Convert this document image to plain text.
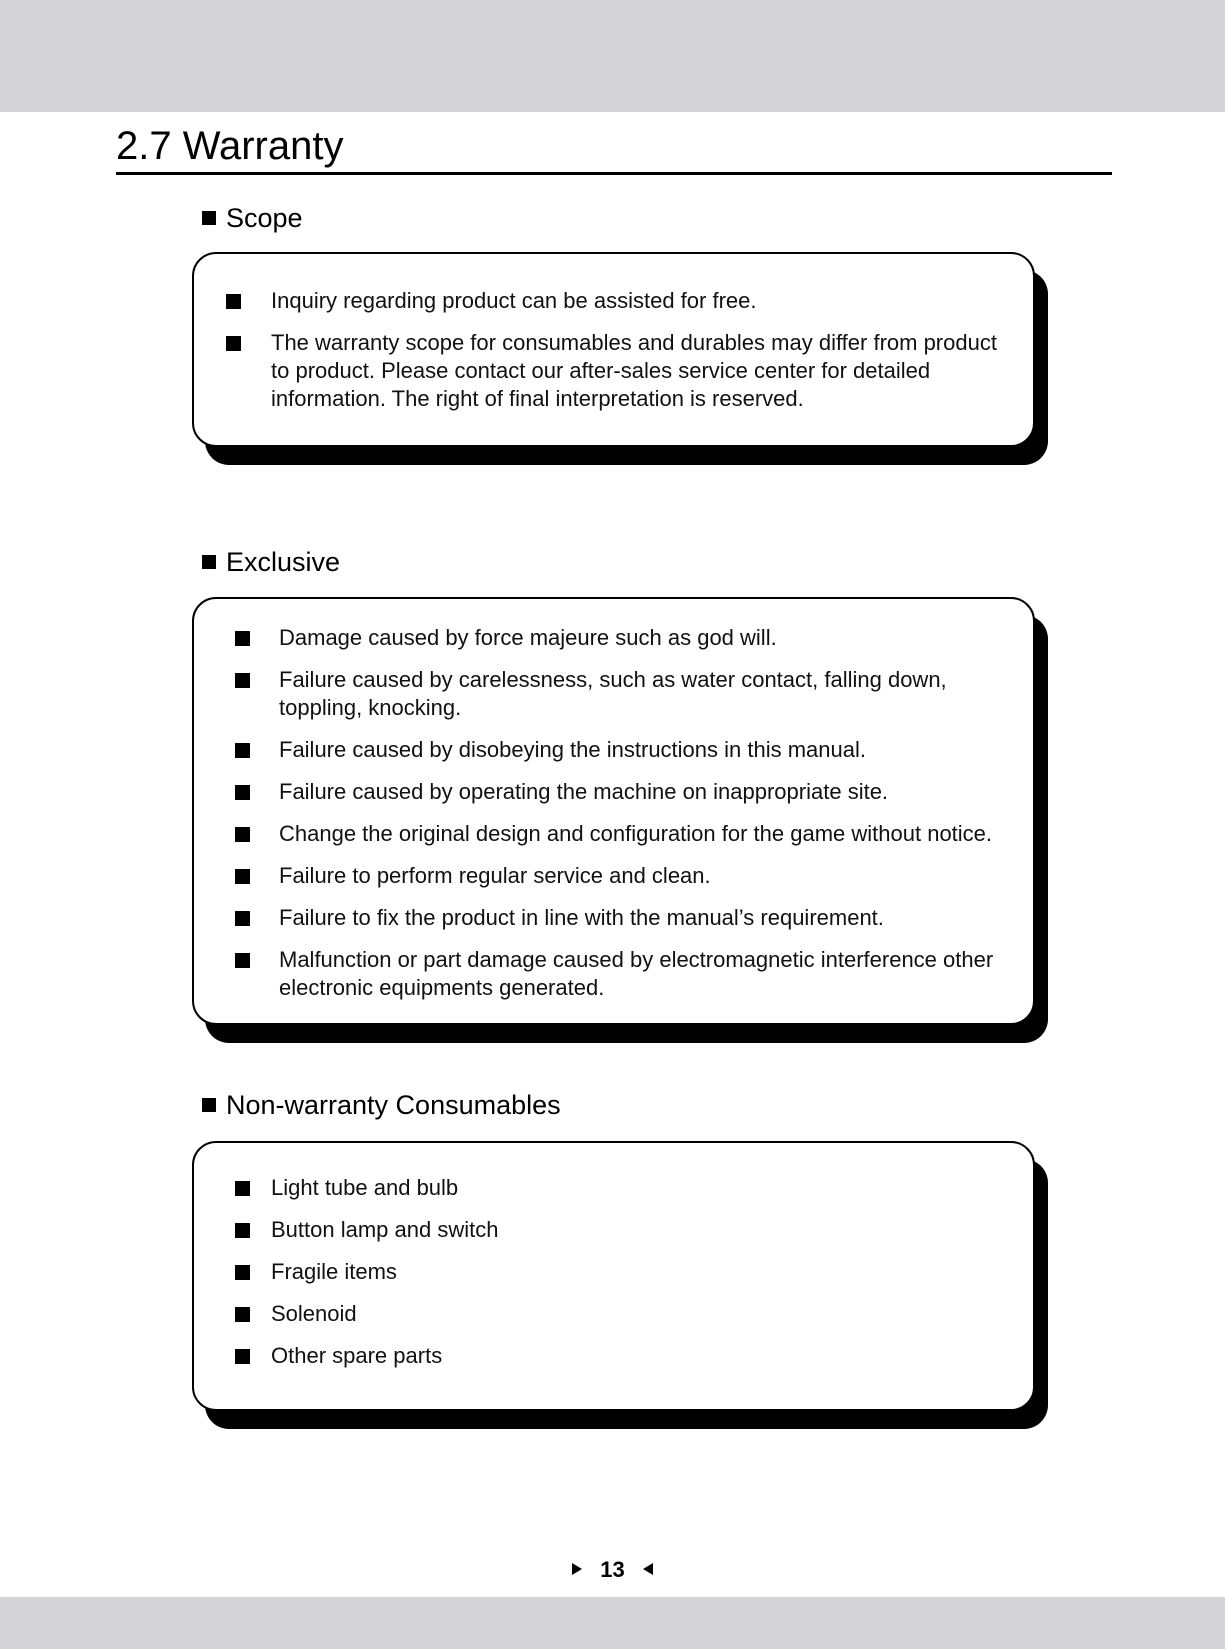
2.7 Warranty
Scope
Inquiry regarding product can be assisted for free.
The warranty scope for consumables and durables may differ from product to product. Please contact our after-sales service center for detailed information. The right of final interpretation is reserved.
Exclusive
Damage caused by force majeure such as god will.
Failure caused by carelessness, such as water contact, falling down, toppling, knocking.
Failure caused by disobeying the instructions in this manual.
Failure caused by operating the machine on inappropriate site.
Change the original design and configuration for the game without notice.
Failure to perform regular service and clean.
Failure to fix the product in line with the manual’s requirement.
Malfunction or part damage caused by electromagnetic interference other electronic equipments generated.
Non-warranty Consumables
Light tube and bulb
Button lamp and switch
Fragile items
Solenoid
Other spare parts
13
